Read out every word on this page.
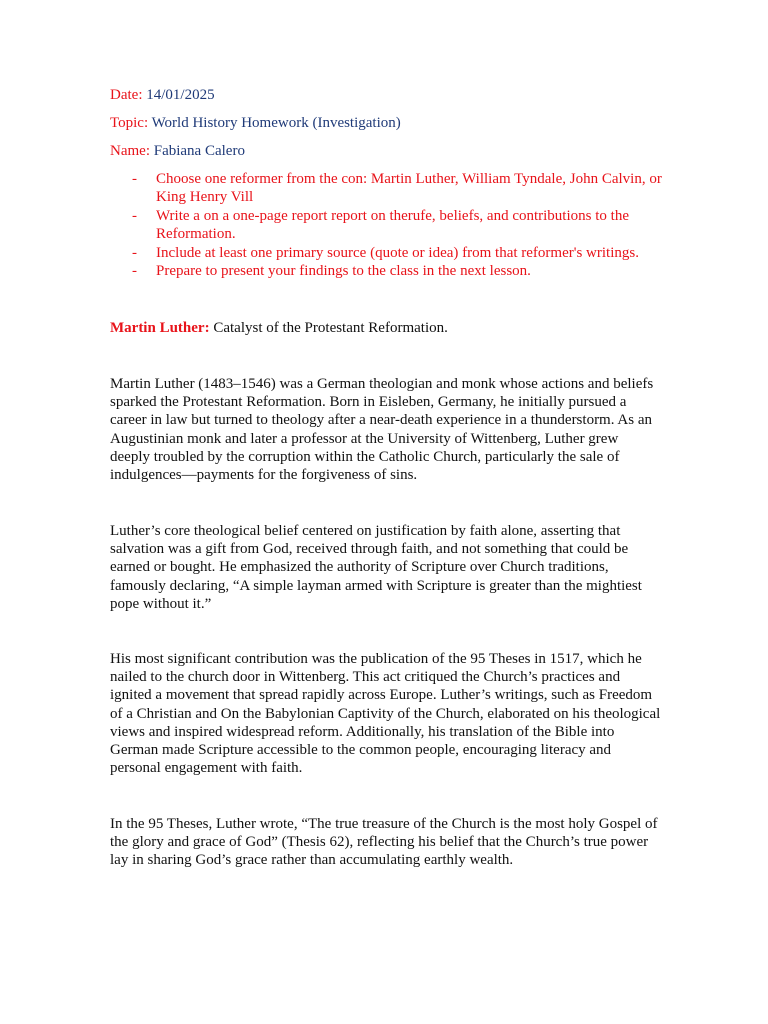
Date: 14/01/2025
Topic: World History Homework (Investigation)
Name: Fabiana Calero
- Choose one reformer from the con: Martin Luther, William Tyndale, John Calvin, or King Henry Vill
- Write a on a one-page report report on therufe, beliefs, and contributions to the Reformation.
- Include at least one primary source (quote or idea) from that reformer's writings.
- Prepare to present your findings to the class in the next lesson.
Martin Luther: Catalyst of the Protestant Reformation.

Martin Luther (1483–1546) was a German theologian and monk whose actions and beliefs sparked the Protestant Reformation. Born in Eisleben, Germany, he initially pursued a career in law but turned to theology after a near-death experience in a thunderstorm. As an Augustinian monk and later a professor at the University of Wittenberg, Luther grew deeply troubled by the corruption within the Catholic Church, particularly the sale of indulgences—payments for the forgiveness of sins.

Luther’s core theological belief centered on justification by faith alone, asserting that salvation was a gift from God, received through faith, and not something that could be earned or bought. He emphasized the authority of Scripture over Church traditions, famously declaring, “A simple layman armed with Scripture is greater than the mightiest pope without it.”

His most significant contribution was the publication of the 95 Theses in 1517, which he nailed to the church door in Wittenberg. This act critiqued the Church’s practices and ignited a movement that spread rapidly across Europe. Luther’s writings, such as Freedom of a Christian and On the Babylonian Captivity of the Church, elaborated on his theological views and inspired widespread reform. Additionally, his translation of the Bible into German made Scripture accessible to the common people, encouraging literacy and personal engagement with faith.

In the 95 Theses, Luther wrote, “The true treasure of the Church is the most holy Gospel of the glory and grace of God” (Thesis 62), reflecting his belief that the Church’s true power lay in sharing God’s grace rather than accumulating earthly wealth.
